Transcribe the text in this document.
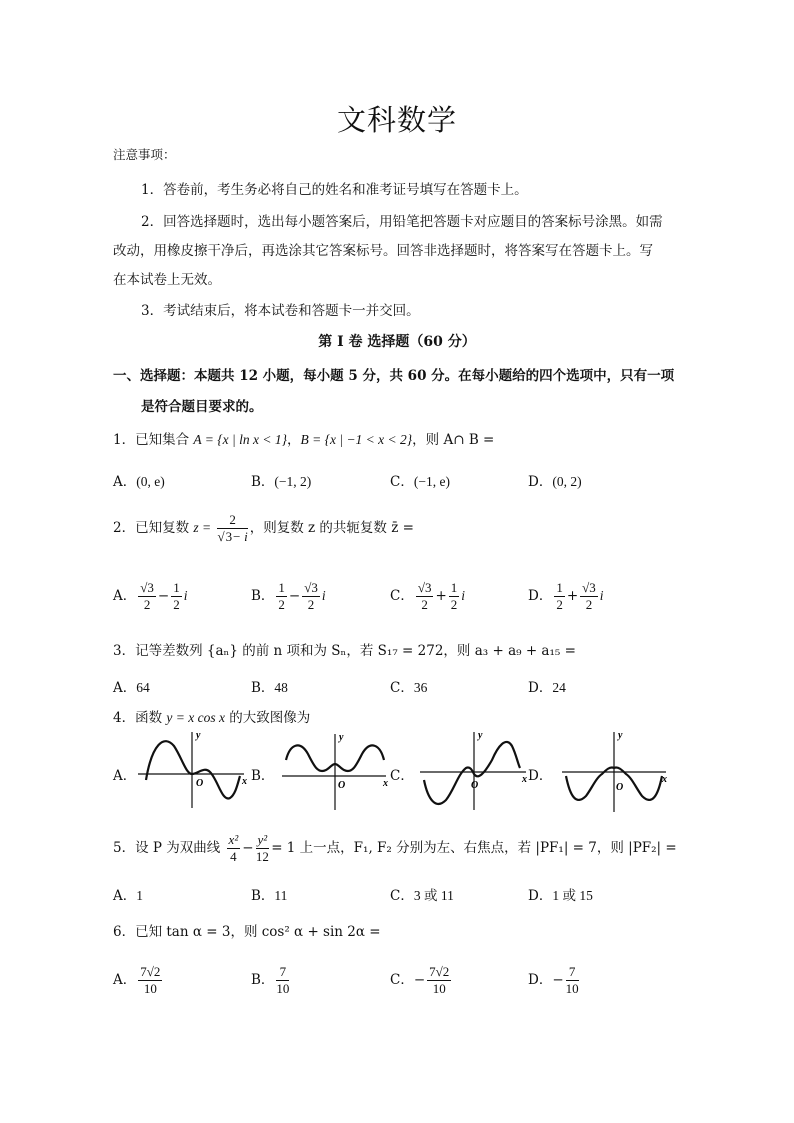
文科数学
注意事项：
1．答卷前，考生务必将自己的姓名和准考证号填写在答题卡上。
2．回答选择题时，选出每小题答案后，用铅笔把答题卡对应题目的答案标号涂黑。如需
改动，用橡皮擦干净后，再选涂其它答案标号。回答非选择题时，将答案写在答题卡上。写
在本试卷上无效。
3．考试结束后，将本试卷和答题卡一并交回。
第 I 卷 选择题（60 分）
一、选择题：本题共 12 小题，每小题 5 分，共 60 分。在每小题给的四个选项中，只有一项
是符合题目要求的。
1．已知集合 A = {x | ln x < 1}，B = {x | −1 < x < 2}，则 A∩ B =
A．(0, e)	B．(−1, 2)	C．(−1, e)	D．(0, 2)
2．已知复数 $z = \frac{2}{√3- i}$ ，则复数 z 的共轭复数 z̄ =
A． $\frac{√3}{2} - \frac{1}{2}$ i	B． $\frac{1}{2} - \frac{√3}{2}$ i	C． $\frac{√3}{2} + \frac{1}{2}$ i	D． $\frac{1}{2} + \frac{√3}{2}$ i
3．记等差数列 {aₙ} 的前 n 项和为 Sₙ，若 S₁₇ = 272，则 a₃ + a₉ + a₁₅ =
A．64	B．48	C．36	D．24
4．函数 y = x cos x 的大致图像为
A．	B．	C．	D．
y
x
O
y
x
O
y
x
O
y
x
O
5．设 P 为双曲线 $\frac{\text{x²}}{4} - \frac{\text{y²}}{12} = 1$ 上一点，F₁, F₂ 分别为左、右焦点，若 |PF₁| = 7，则 |PF₂| =
A．1	B．11	C．3 或 11	D．1 或 15
6．已知 tan α = 3，则 cos² α + sin 2α =
A． $\frac{7√2}{10}$	B． $\frac{7}{10}$	C．− $\frac{7√2}{10}$	D．− $\frac{7}{10}$
